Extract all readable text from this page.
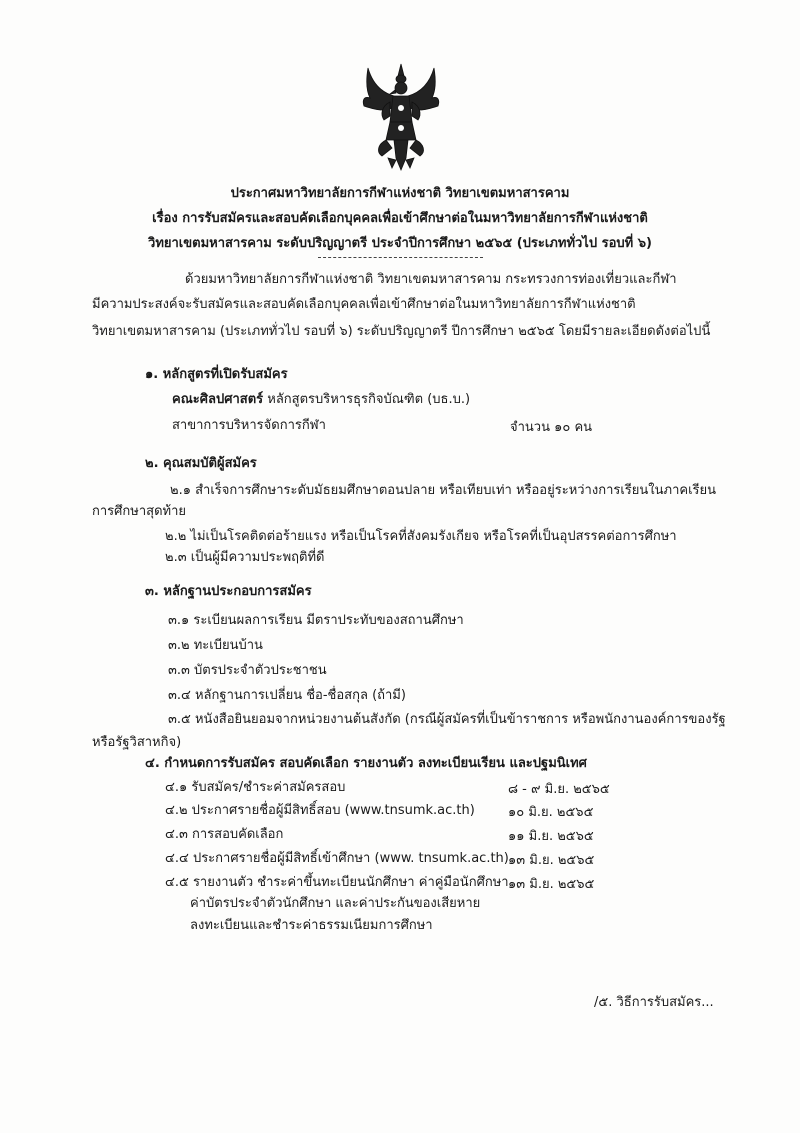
ประกาศมหาวิทยาลัยการกีฬาแห่งชาติ วิทยาเขตมหาสารคาม
เรื่อง การรับสมัครและสอบคัดเลือกบุคคลเพื่อเข้าศึกษาต่อในมหาวิทยาลัยการกีฬาแห่งชาติ
วิทยาเขตมหาสารคาม ระดับปริญญาตรี ประจำปีการศึกษา ๒๕๖๕ (ประเภททั่วไป รอบที่ ๖)
ด้วยมหาวิทยาลัยการกีฬาแห่งชาติ วิทยาเขตมหาสารคาม กระทรวงการท่องเที่ยวและกีฬา
มีความประสงค์จะรับสมัครและสอบคัดเลือกบุคคลเพื่อเข้าศึกษาต่อในมหาวิทยาลัยการกีฬาแห่งชาติ
วิทยาเขตมหาสารคาม (ประเภททั่วไป รอบที่ ๖) ระดับปริญญาตรี ปีการศึกษา ๒๕๖๕ โดยมีรายละเอียดดังต่อไปนี้
๑. หลักสูตรที่เปิดรับสมัคร
คณะศิลปศาสตร์ หลักสูตรบริหารธุรกิจบัณฑิต (บธ.บ.)
สาขาการบริหารจัดการกีฬา	จำนวน ๑๐ คน
๒. คุณสมบัติผู้สมัคร
๒.๑ สำเร็จการศึกษาระดับมัธยมศึกษาตอนปลาย หรือเทียบเท่า หรืออยู่ระหว่างการเรียนในภาคเรียน
การศึกษาสุดท้าย
๒.๒ ไม่เป็นโรคติดต่อร้ายแรง หรือเป็นโรคที่สังคมรังเกียจ หรือโรคที่เป็นอุปสรรคต่อการศึกษา
๒.๓ เป็นผู้มีความประพฤติที่ดี
๓. หลักฐานประกอบการสมัคร
๓.๑ ระเบียนผลการเรียน มีตราประทับของสถานศึกษา
๓.๒ ทะเบียนบ้าน
๓.๓ บัตรประจำตัวประชาชน
๓.๔ หลักฐานการเปลี่ยน ชื่อ-ชื่อสกุล (ถ้ามี)
๓.๕ หนังสือยินยอมจากหน่วยงานต้นสังกัด (กรณีผู้สมัครที่เป็นข้าราชการ หรือพนักงานองค์การของรัฐ
หรือรัฐวิสาหกิจ)
๔. กำหนดการรับสมัคร สอบคัดเลือก รายงานตัว ลงทะเบียนเรียน และปฐมนิเทศ
๔.๑ รับสมัคร/ชำระค่าสมัครสอบ	๘ - ๙ มิ.ย. ๒๕๖๕
๔.๒ ประกาศรายชื่อผู้มีสิทธิ์สอบ (www.tnsumk.ac.th)	๑๐ มิ.ย. ๒๕๖๕
๔.๓ การสอบคัดเลือก	๑๑ มิ.ย. ๒๕๖๕
๔.๔ ประกาศรายชื่อผู้มีสิทธิ์เข้าศึกษา (www. tnsumk.ac.th) ๑๓ มิ.ย. ๒๕๖๕
๔.๕ รายงานตัว ชำระค่าขึ้นทะเบียนนักศึกษา ค่าคู่มือนักศึกษา ๑๓ มิ.ย. ๒๕๖๕
ค่าบัตรประจำตัวนักศึกษา และค่าประกันของเสียหาย
ลงทะเบียนและชำระค่าธรรมเนียมการศึกษา
/๕. วิธีการรับสมัคร...
